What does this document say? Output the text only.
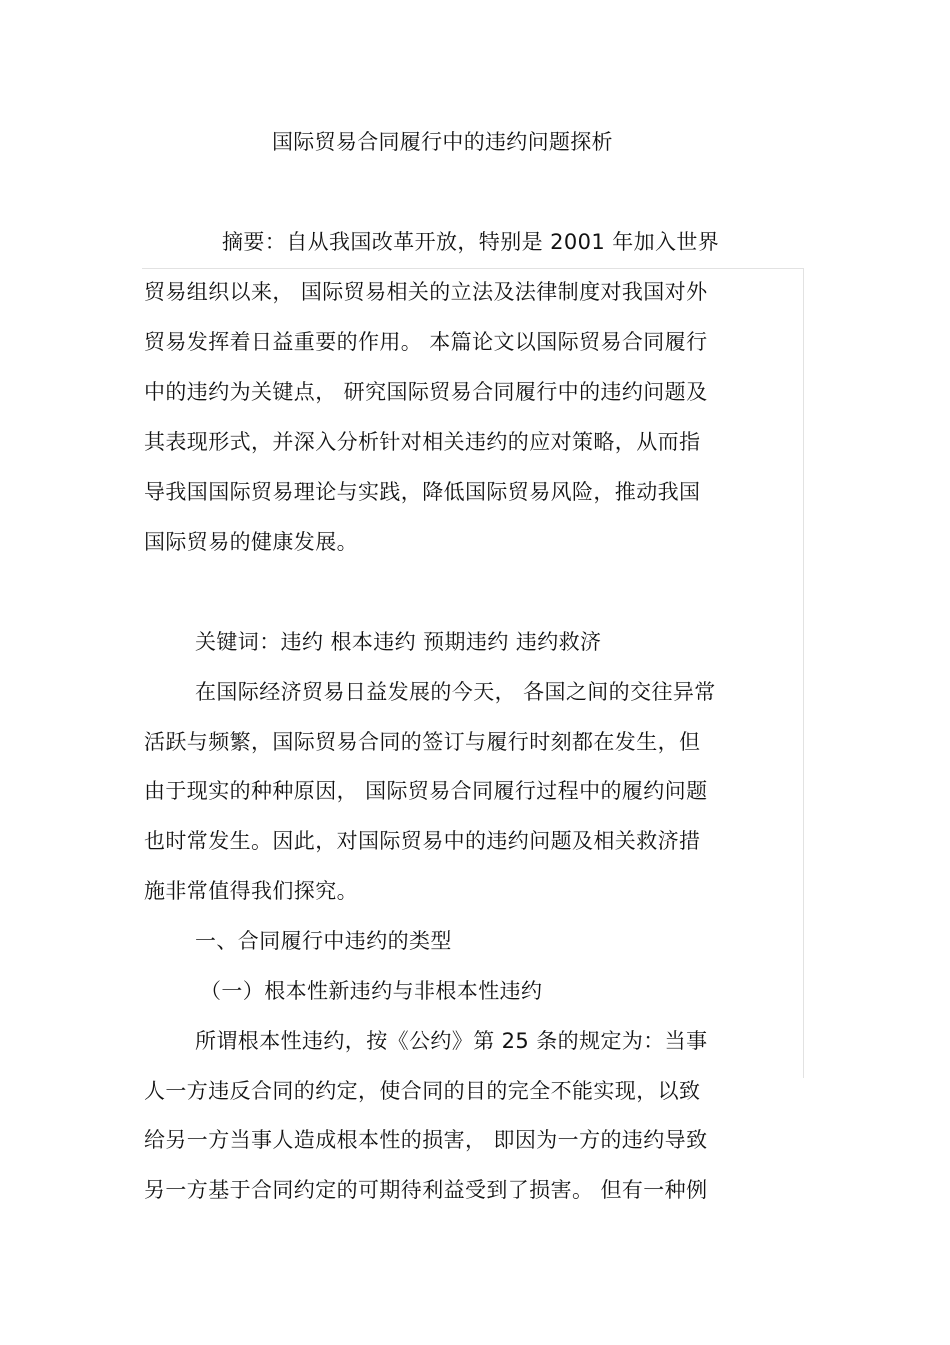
国际贸易合同履行中的违约问题探析
摘要：自从我国改革开放，特别是 2001 年加入世界
贸易组织以来， 国际贸易相关的立法及法律制度对我国对外
贸易发挥着日益重要的作用。 本篇论文以国际贸易合同履行
中的违约为关键点， 研究国际贸易合同履行中的违约问题及
其表现形式，并深入分析针对相关违约的应对策略，从而指
导我国国际贸易理论与实践，降低国际贸易风险，推动我国
国际贸易的健康发展。
关键词：违约 根本违约 预期违约 违约救济
在国际经济贸易日益发展的今天， 各国之间的交往异常
活跃与频繁，国际贸易合同的签订与履行时刻都在发生，但
由于现实的种种原因， 国际贸易合同履行过程中的履约问题
也时常发生。因此，对国际贸易中的违约问题及相关救济措
施非常值得我们探究。
一、合同履行中违约的类型
（一）根本性新违约与非根本性违约
所谓根本性违约，按《公约》第 25 条的规定为：当事
人一方违反合同的约定，使合同的目的完全不能实现，以致
给另一方当事人造成根本性的损害， 即因为一方的违约导致
另一方基于合同约定的可期待利益受到了损害。 但有一种例
